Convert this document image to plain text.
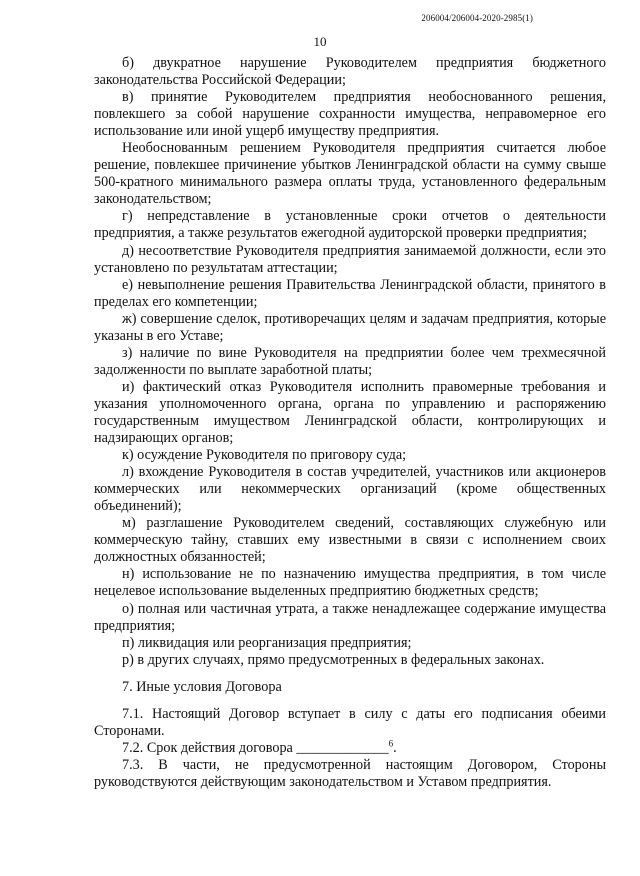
206004/206004-2020-2985(1)
10

б) двукратное нарушение Руководителем предприятия бюджетного законодательства Российской Федерации;

в) принятие Руководителем предприятия необоснованного решения, повлекшего за собой нарушение сохранности имущества, неправомерное его использование или иной ущерб имуществу предприятия.

Необоснованным решением Руководителя предприятия считается любое решение, повлекшее причинение убытков Ленинградской области на сумму свыше 500-кратного минимального размера оплаты труда, установленного федеральным законодательством;

г) непредставление в установленные сроки отчетов о деятельности предприятия, а также результатов ежегодной аудиторской проверки предприятия;

д) несоответствие Руководителя предприятия занимаемой должности, если это установлено по результатам аттестации;

е) невыполнение решения Правительства Ленинградской области, принятого в пределах его компетенции;

ж) совершение сделок, противоречащих целям и задачам предприятия, которые указаны в его Уставе;

з) наличие по вине Руководителя на предприятии более чем трехмесячной задолженности по выплате заработной платы;

и) фактический отказ Руководителя исполнить правомерные требования и указания уполномоченного органа, органа по управлению и распоряжению государственным имуществом Ленинградской области, контролирующих и надзирающих органов;

к) осуждение Руководителя по приговору суда;

л) вхождение Руководителя в состав учредителей, участников или акционеров коммерческих или некоммерческих организаций (кроме общественных объединений);

м) разглашение Руководителем сведений, составляющих служебную или коммерческую тайну, ставших ему известными в связи с исполнением своих должностных обязанностей;

н) использование не по назначению имущества предприятия, в том числе нецелевое использование выделенных предприятию бюджетных средств;

о) полная или частичная утрата, а также ненадлежащее содержание имущества предприятия;

п) ликвидация или реорганизация предприятия;

р) в других случаях, прямо предусмотренных в федеральных законах.

7. Иные условия Договора

7.1. Настоящий Договор вступает в силу с даты его подписания обеими Сторонами.

7.2. Срок действия договора _____________$^6$.

7.3. В части, не предусмотренной настоящим Договором, Стороны руководствуются действующим законодательством и Уставом предприятия.
